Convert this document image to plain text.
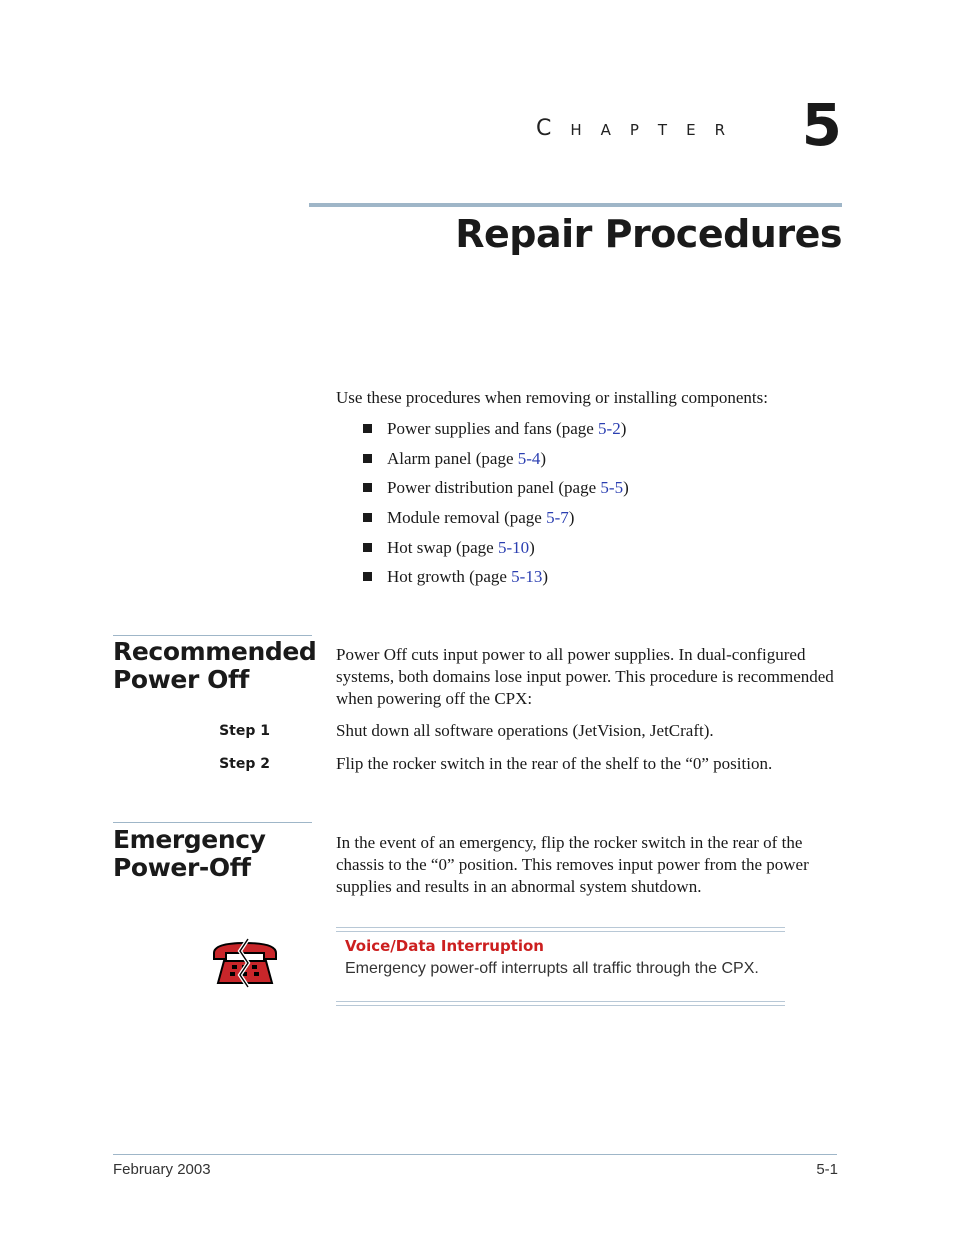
CHAPTER 5
Repair Procedures
Use these procedures when removing or installing components:
Power supplies and fans (page 5-2)
Alarm panel (page 5-4)
Power distribution panel (page 5-5)
Module removal (page 5-7)
Hot swap (page 5-10)
Hot growth (page 5-13)
Recommended
Power Off
Power Off cuts input power to all power supplies. In dual-configured systems, both domains lose input power. This procedure is recommended when powering off the CPX:
Step 1	Shut down all software operations (JetVision, JetCraft).
Step 2	Flip the rocker switch in the rear of the shelf to the “0” position.
Emergency
Power-Off
In the event of an emergency, flip the rocker switch in the rear of the chassis to the “0” position. This removes input power from the power supplies and results in an abnormal system shutdown.
Voice/Data Interruption
Emergency power-off interrupts all traffic through the CPX.
February 2003	5-1
